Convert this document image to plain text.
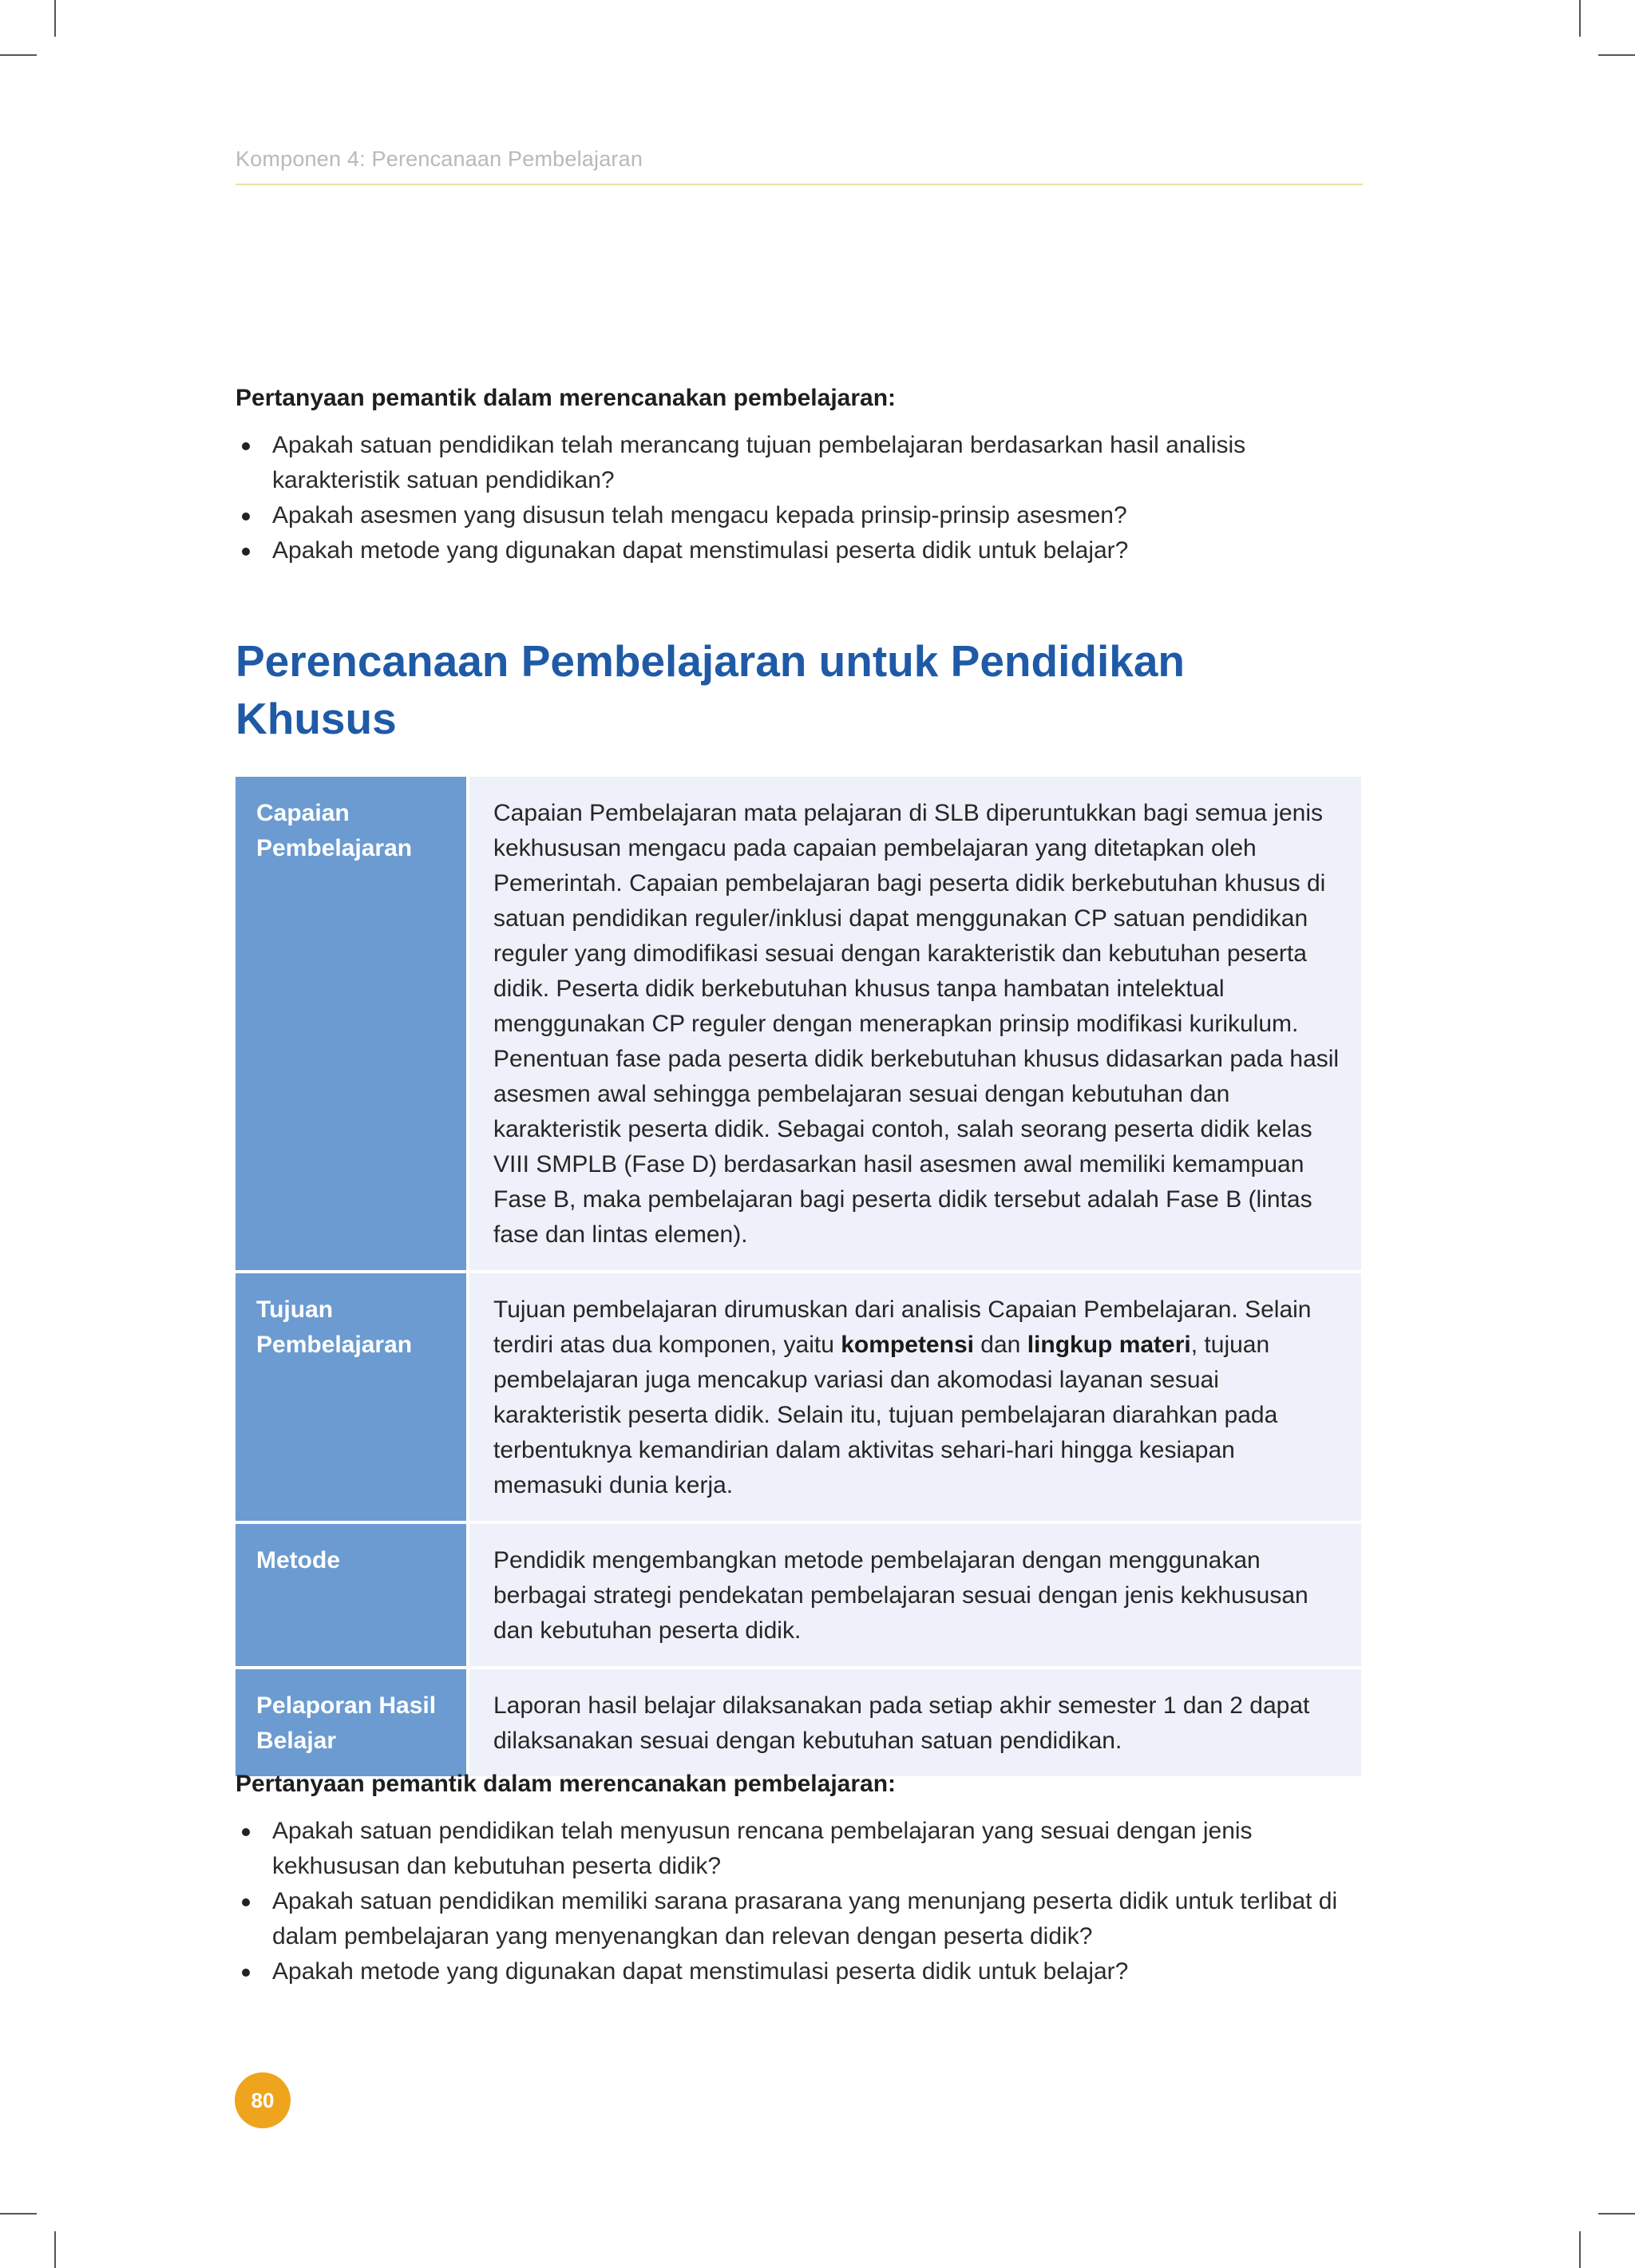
Komponen 4: Perencanaan Pembelajaran

Pertanyaan pemantik dalam merencanakan pembelajaran:

Apakah satuan pendidikan telah merancang tujuan pembelajaran berdasarkan hasil analisis karakteristik satuan pendidikan?
Apakah asesmen yang disusun telah mengacu kepada prinsip-prinsip asesmen?
Apakah metode yang digunakan dapat menstimulasi peserta didik untuk belajar?
Perencanaan Pembelajaran untuk Pendidikan Khusus
Capaian Pembelajaran	Capaian Pembelajaran mata pelajaran di SLB diperuntukkan bagi semua jenis kekhususan mengacu pada capaian pembelajaran yang ditetapkan oleh Pemerintah. Capaian pembelajaran bagi peserta didik berkebutuhan khusus di satuan pendidikan reguler/inklusi dapat menggunakan CP satuan pendidikan reguler yang dimodifikasi sesuai dengan karakteristik dan kebutuhan peserta didik. Peserta didik berkebutuhan khusus tanpa hambatan intelektual menggunakan CP reguler dengan menerapkan prinsip modifikasi kurikulum. Penentuan fase pada peserta didik berkebutuhan khusus didasarkan pada hasil asesmen awal sehingga pembelajaran sesuai dengan kebutuhan dan karakteristik peserta didik. Sebagai contoh, salah seorang peserta didik kelas VIII SMPLB (Fase D) berdasarkan hasil asesmen awal memiliki kemampuan Fase B, maka pembelajaran bagi peserta didik tersebut adalah Fase B (lintas fase dan lintas elemen).
Tujuan Pembelajaran	Tujuan pembelajaran dirumuskan dari analisis Capaian Pembelajaran. Selain terdiri atas dua komponen, yaitu kompetensi dan lingkup materi, tujuan pembelajaran juga mencakup variasi dan akomodasi layanan sesuai karakteristik peserta didik. Selain itu, tujuan pembelajaran diarahkan pada terbentuknya kemandirian dalam aktivitas sehari-hari hingga kesiapan memasuki dunia kerja.
Metode	Pendidik mengembangkan metode pembelajaran dengan menggunakan berbagai strategi pendekatan pembelajaran sesuai dengan jenis kekhususan dan kebutuhan peserta didik.
Pelaporan Hasil Belajar	Laporan hasil belajar dilaksanakan pada setiap akhir semester 1 dan 2 dapat dilaksanakan sesuai dengan kebutuhan satuan pendidikan.

Pertanyaan pemantik dalam merencanakan pembelajaran:

Apakah satuan pendidikan telah menyusun rencana pembelajaran yang sesuai dengan jenis kekhususan dan kebutuhan peserta didik?
Apakah satuan pendidikan memiliki sarana prasarana yang menunjang peserta didik untuk terlibat di dalam pembelajaran yang menyenangkan dan relevan dengan peserta didik?
Apakah metode yang digunakan dapat menstimulasi peserta didik untuk belajar?
80
